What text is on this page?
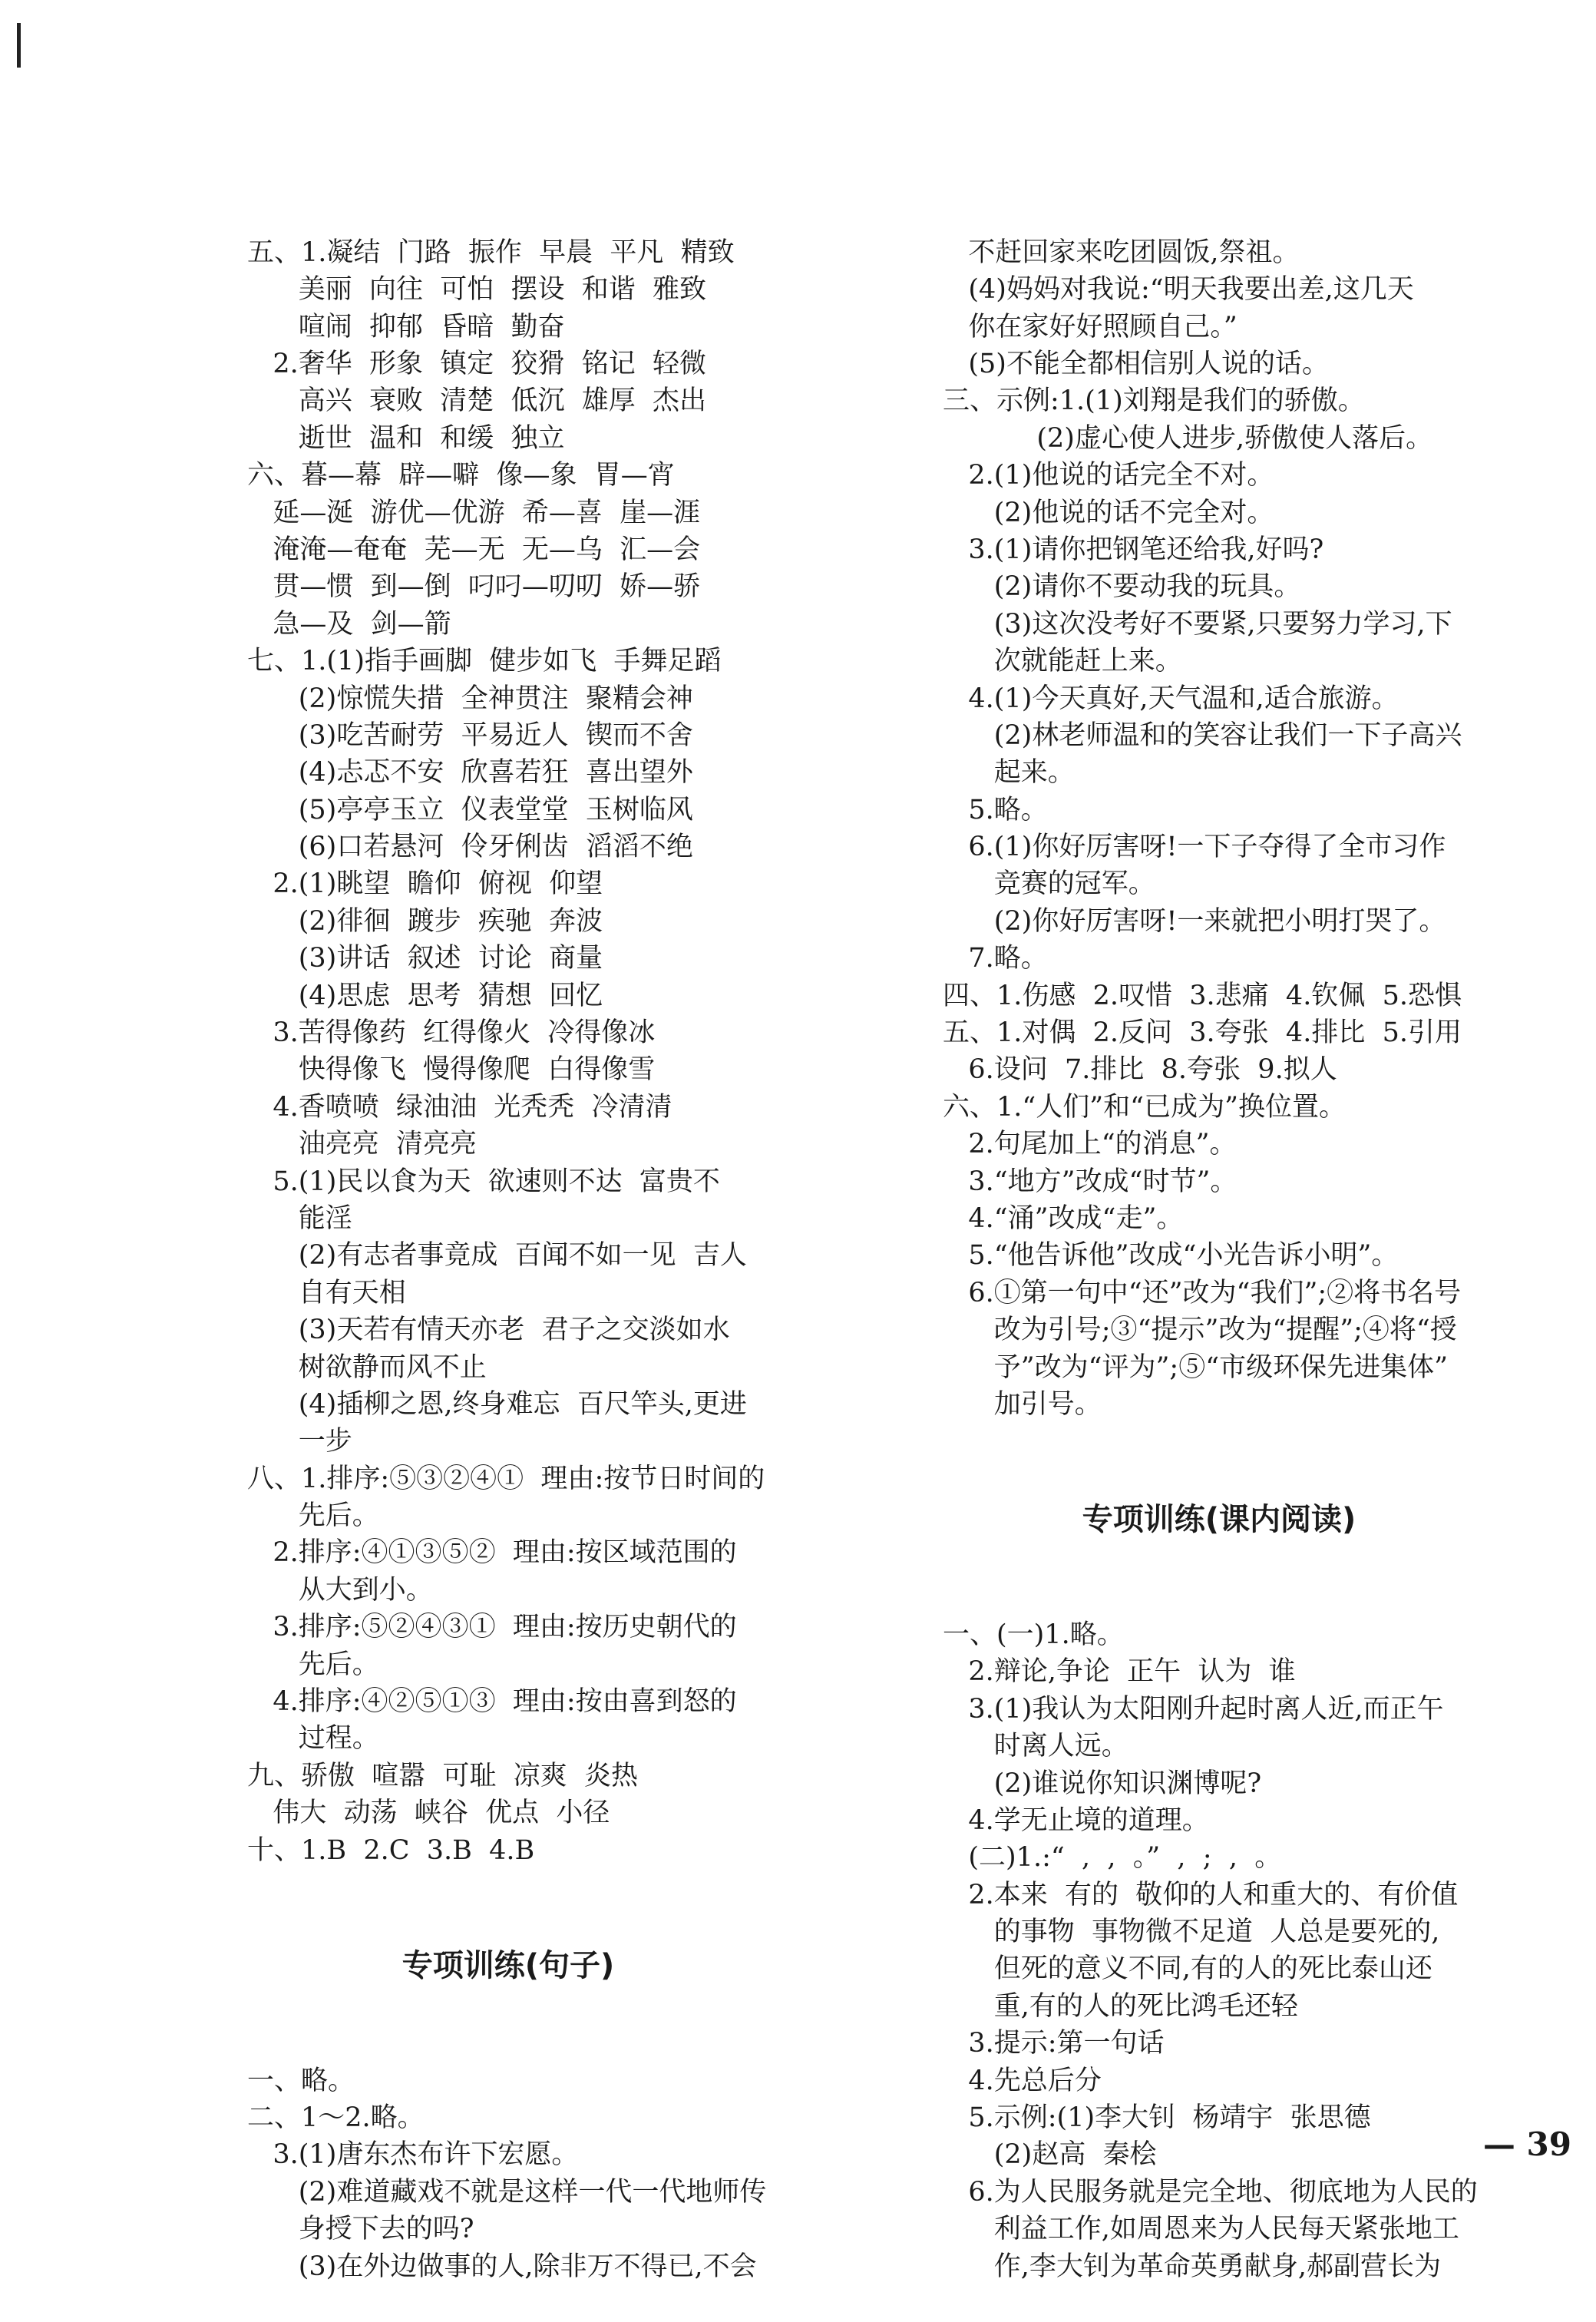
五、1.凝结  门路  振作  早晨  平凡  精致
美丽  向往  可怕  摆设  和谐  雅致
喧闹  抑郁  昏暗  勤奋
2.奢华  形象  镇定  狡猾  铭记  轻微
高兴  衰败  清楚  低沉  雄厚  杰出
逝世  温和  和缓  独立
六、暮—幕  辟—噼  像—象  胃—宵
延—涎  游优—优游  希—喜  崖—涯
淹淹—奄奄  芜—无  无—乌  汇—会
贯—惯  到—倒  叼叼—叨叨  娇—骄
急—及  剑—箭
七、1.(1)指手画脚  健步如飞  手舞足蹈
(2)惊慌失措  全神贯注  聚精会神
(3)吃苦耐劳  平易近人  锲而不舍
(4)忐忑不安  欣喜若狂  喜出望外
(5)亭亭玉立  仪表堂堂  玉树临风
(6)口若悬河  伶牙俐齿  滔滔不绝
2.(1)眺望  瞻仰  俯视  仰望
(2)徘徊  踱步  疾驰  奔波
(3)讲话  叙述  讨论  商量
(4)思虑  思考  猜想  回忆
3.苦得像药  红得像火  冷得像冰
快得像飞  慢得像爬  白得像雪
4.香喷喷  绿油油  光秃秃  冷清清
油亮亮  清亮亮
5.(1)民以食为天  欲速则不达  富贵不
能淫
(2)有志者事竟成  百闻不如一见  吉人
自有天相
(3)天若有情天亦老  君子之交淡如水
树欲静而风不止
(4)插柳之恩,终身难忘  百尺竿头,更进
一步
八、1.排序:⑤③②④①  理由:按节日时间的
先后。
2.排序:④①③⑤②  理由:按区域范围的
从大到小。
3.排序:⑤②④③①  理由:按历史朝代的
先后。
4.排序:④②⑤①③  理由:按由喜到怒的
过程。
九、骄傲  喧嚣  可耻  凉爽  炎热
伟大  动荡  峡谷  优点  小径
十、1.B  2.C  3.B  4.B

专项训练(句子)

一、略。
二、1～2.略。
3.(1)唐东杰布许下宏愿。
(2)难道藏戏不就是这样一代一代地师传
身授下去的吗?
(3)在外边做事的人,除非万不得已,不会

不赶回家来吃团圆饭,祭祖。
(4)妈妈对我说:“明天我要出差,这几天
你在家好好照顾自己。”
(5)不能全都相信别人说的话。
三、示例:1.(1)刘翔是我们的骄傲。
(2)虚心使人进步,骄傲使人落后。
2.(1)他说的话完全不对。
(2)他说的话不完全对。
3.(1)请你把钢笔还给我,好吗?
(2)请你不要动我的玩具。
(3)这次没考好不要紧,只要努力学习,下
次就能赶上来。
4.(1)今天真好,天气温和,适合旅游。
(2)林老师温和的笑容让我们一下子高兴
起来。
5.略。
6.(1)你好厉害呀!一下子夺得了全市习作
竞赛的冠军。
(2)你好厉害呀!一来就把小明打哭了。
7.略。
四、1.伤感  2.叹惜  3.悲痛  4.钦佩  5.恐惧
五、1.对偶  2.反问  3.夸张  4.排比  5.引用
6.设问  7.排比  8.夸张  9.拟人
六、1.“人们”和“已成为”换位置。
2.句尾加上“的消息”。
3.“地方”改成“时节”。
4.“涌”改成“走”。
5.“他告诉他”改成“小光告诉小明”。
6.①第一句中“还”改为“我们”;②将书名号
改为引号;③“提示”改为“提醒”;④将“授
予”改为“评为”;⑤“市级环保先进集体”
加引号。

专项训练(课内阅读)

一、(一)1.略。
2.辩论,争论  正午  认为  谁
3.(1)我认为太阳刚升起时离人近,而正午
时离人远。
(2)谁说你知识渊博呢?
4.学无止境的道理。
(二)1.:“  ,  ,  。”  ,  ;  ,  。
2.本来  有的  敬仰的人和重大的、有价值
的事物  事物微不足道  人总是要死的,
但死的意义不同,有的人的死比泰山还
重,有的人的死比鸿毛还轻
3.提示:第一句话
4.先总后分
5.示例:(1)李大钊  杨靖宇  张思德
(2)赵高  秦桧
6.为人民服务就是完全地、彻底地为人民的
利益工作,如周恩来为人民每天紧张地工
作,李大钊为革命英勇献身,郝副营长为

— 39
